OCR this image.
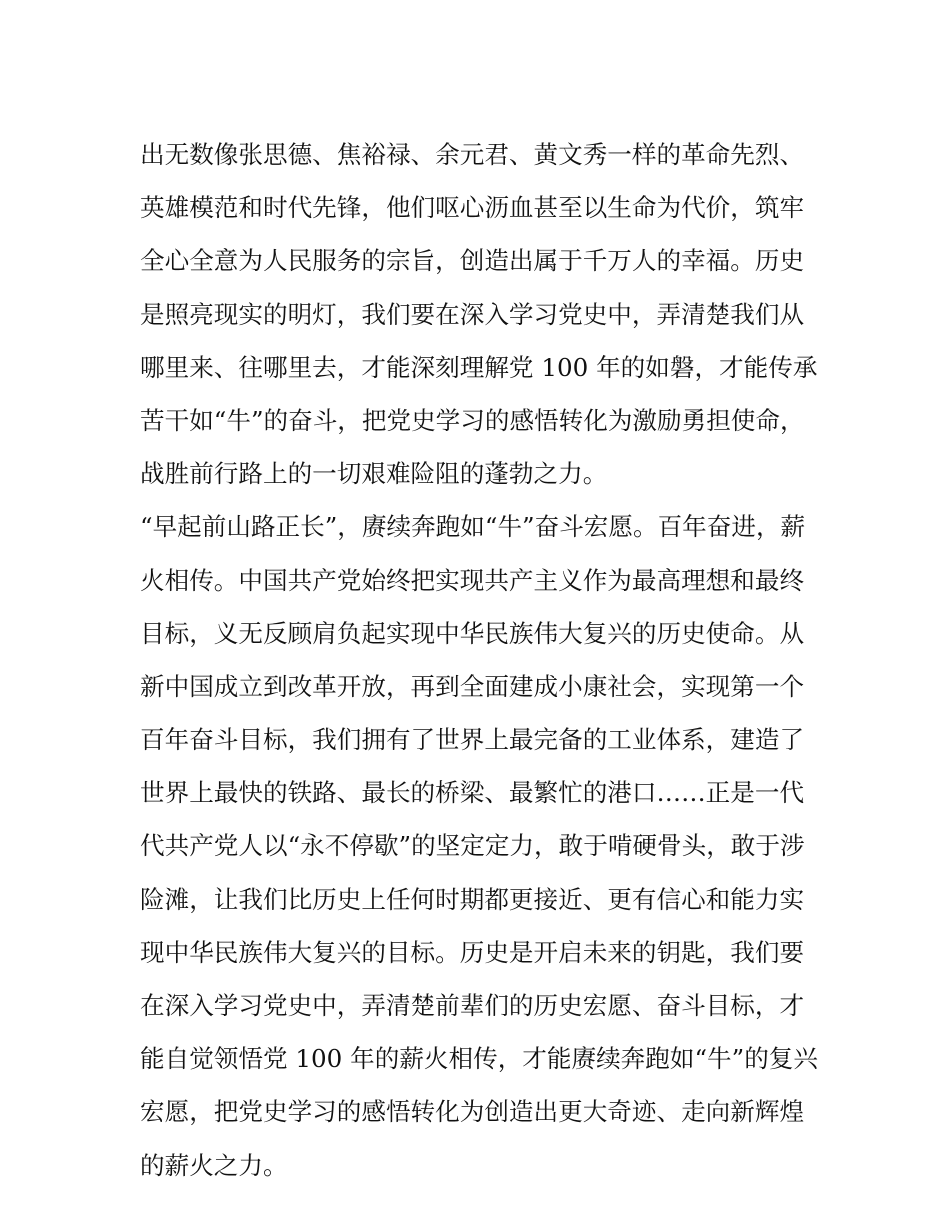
出无数像张思德、焦裕禄、余元君、黄文秀一样的革命先烈、
英雄模范和时代先锋，他们呕心沥血甚至以生命为代价，筑牢
全心全意为人民服务的宗旨，创造出属于千万人的幸福。历史
是照亮现实的明灯，我们要在深入学习党史中，弄清楚我们从
哪里来、往哪里去，才能深刻理解党 100 年的如磐，才能传承
苦干如“牛”的奋斗，把党史学习的感悟转化为激励勇担使命，
战胜前行路上的一切艰难险阻的蓬勃之力。
“早起前山路正长”，赓续奔跑如“牛”奋斗宏愿。百年奋进，薪
火相传。中国共产党始终把实现共产主义作为最高理想和最终
目标，义无反顾肩负起实现中华民族伟大复兴的历史使命。从
新中国成立到改革开放，再到全面建成小康社会，实现第一个
百年奋斗目标，我们拥有了世界上最完备的工业体系，建造了
世界上最快的铁路、最长的桥梁、最繁忙的港口……正是一代
代共产党人以“永不停歇”的坚定定力，敢于啃硬骨头，敢于涉
险滩，让我们比历史上任何时期都更接近、更有信心和能力实
现中华民族伟大复兴的目标。历史是开启未来的钥匙，我们要
在深入学习党史中，弄清楚前辈们的历史宏愿、奋斗目标，才
能自觉领悟党 100 年的薪火相传，才能赓续奔跑如“牛”的复兴
宏愿，把党史学习的感悟转化为创造出更大奇迹、走向新辉煌
的薪火之力。
